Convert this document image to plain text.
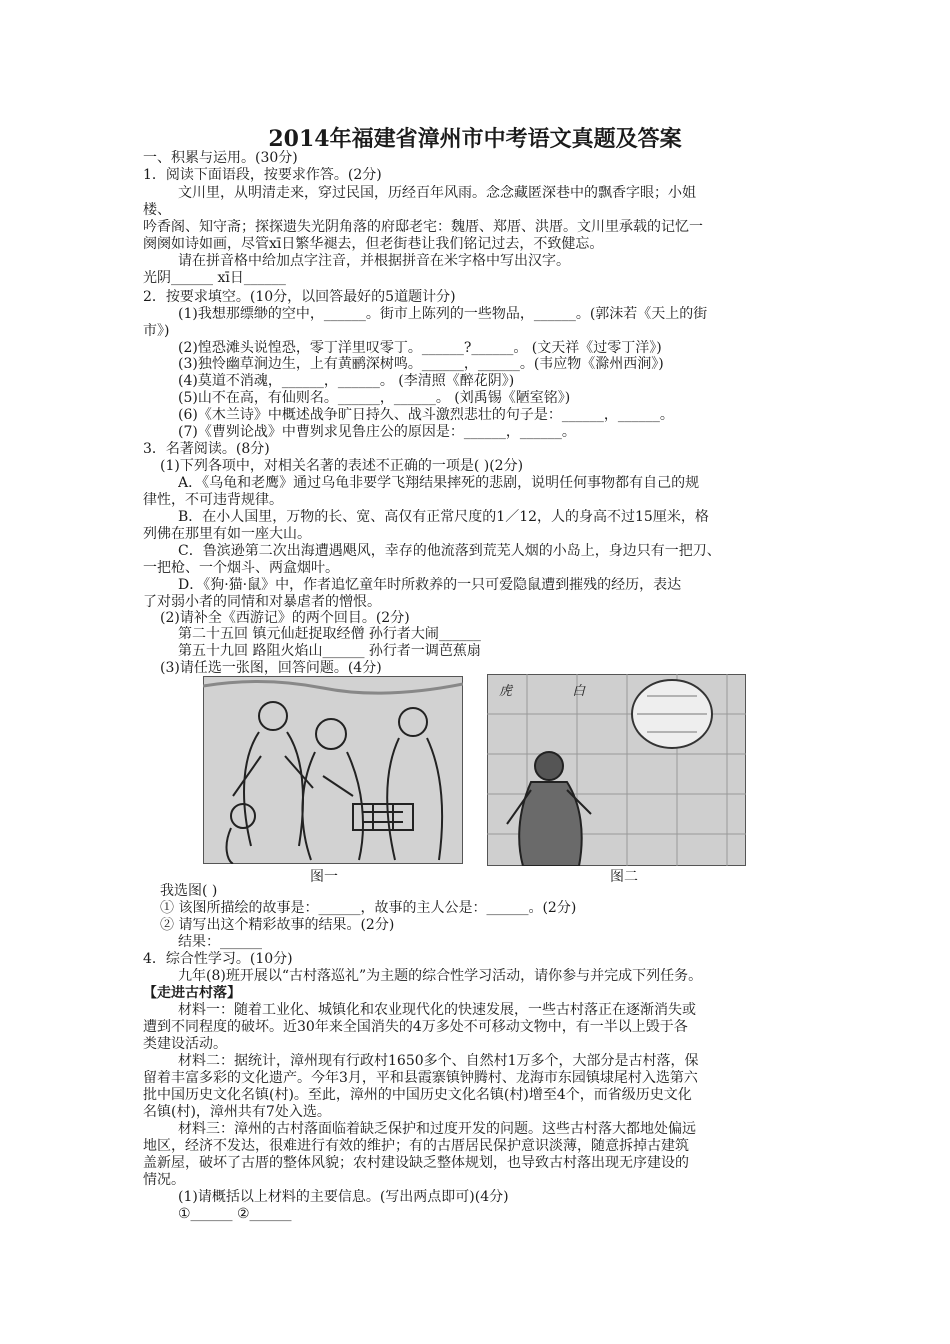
2014年福建省漳州市中考语文真题及答案
一、积累与运用。(30分)
1．阅读下面语段，按要求作答。(2分)
文川里，从明清走来，穿过民国，历经百年风雨。念念藏匿深巷中的飘香字眼；小姐
楼、
吟香阁、知守斋；探探遗失光阴角落的府邸老宅：魏厝、郑厝、洪厝。文川里承载的记忆一
阕阕如诗如画，尽管xī日繁华褪去，但老街巷让我们铭记过去，不致健忘。
请在拼音格中给加点字注音，并根据拼音在米字格中写出汉字。
光阴______ xī日______
2．按要求填空。(10分，以回答最好的5道题计分)
(1)我想那缥缈的空中，______。街市上陈列的一些物品，______。(郭沫若《天上的街
市》)
(2)惶恐滩头说惶恐，零丁洋里叹零丁。______?______。 (文天祥《过零丁洋》)
(3)独怜幽草涧边生，上有黄鹂深树鸣。______，______。(韦应物《滁州西涧》)
(4)莫道不消魂，______，______。 (李清照《醉花阴》)
(5)山不在高，有仙则名。______，______。 (刘禹锡《陋室铭》)
(6)《木兰诗》中概述战争旷日持久、战斗激烈悲壮的句子是：______，______。
(7)《曹刿论战》中曹刿求见鲁庄公的原因是：______，______。
3．名著阅读。(8分)
(1)下列各项中，对相关名著的表述不正确的一项是( )(2分)
A．《乌龟和老鹰》通过乌龟非要学飞翔结果摔死的悲剧，说明任何事物都有自己的规
律性，不可违背规律。
B．在小人国里，万物的长、宽、高仅有正常尺度的1／12，人的身高不过15厘米，格
列佛在那里有如一座大山。
C．鲁滨逊第二次出海遭遇飓风，幸存的他流落到荒芜人烟的小岛上，身边只有一把刀、
一把枪、一个烟斗、两盒烟叶。
D．《狗·猫·鼠》中，作者追忆童年时所救养的一只可爱隐鼠遭到摧残的经历，表达
了对弱小者的同情和对暴虐者的憎恨。
(2)请补全《西游记》的两个回目。(2分)
第二十五回 镇元仙赶捉取经僧 孙行者大闹______
第五十九回 路阻火焰山______ 孙行者一调芭蕉扇
(3)请任选一张图，回答问题。(4分)
虎 白
图一	图二
我选图( )
① 该图所描绘的故事是：______，故事的主人公是：______。(2分)
② 请写出这个精彩故事的结果。(2分)
结果：______
4．综合性学习。(10分)
九年(8)班开展以“古村落巡礼”为主题的综合性学习活动，请你参与并完成下列任务。
【走进古村落】
材料一：随着工业化、城镇化和农业现代化的快速发展，一些古村落正在逐渐消失或
遭到不同程度的破坏。近30年来全国消失的4万多处不可移动文物中，有一半以上毁于各
类建设活动。
材料二：据统计，漳州现有行政村1650多个、自然村1万多个，大部分是古村落，保
留着丰富多彩的文化遗产。今年3月，平和县霞寨镇钟腾村、龙海市东园镇埭尾村入选第六
批中国历史文化名镇(村)。至此，漳州的中国历史文化名镇(村)增至4个，而省级历史文化
名镇(村)，漳州共有7处入选。
材料三：漳州的古村落面临着缺乏保护和过度开发的问题。这些古村落大都地处偏远
地区，经济不发达，很难进行有效的维护；有的古厝居民保护意识淡薄，随意拆掉古建筑
盖新屋，破坏了古厝的整体风貌；农村建设缺乏整体规划，也导致古村落出现无序建设的
情况。
(1)请概括以上材料的主要信息。(写出两点即可)(4分)
①______ ②______
